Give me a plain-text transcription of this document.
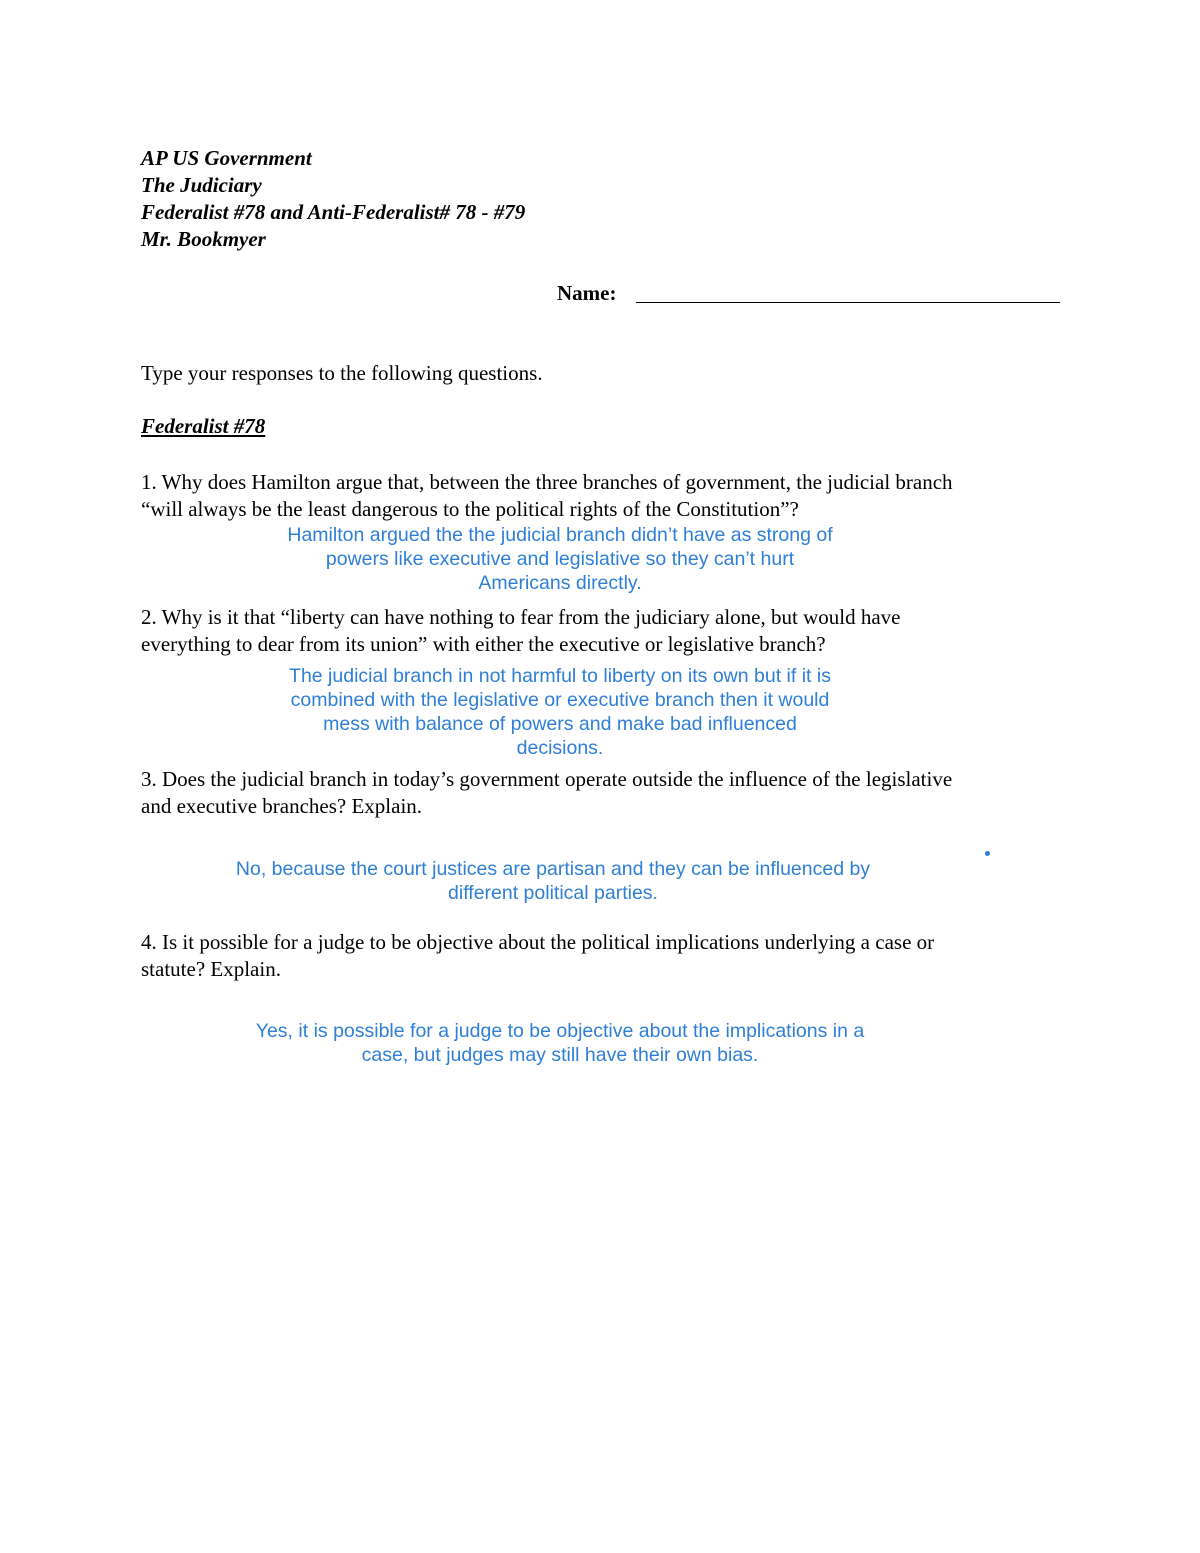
AP US Government
The Judiciary
Federalist #78 and Anti-Federalist# 78 - #79
Mr. Bookmyer
Name:
Type your responses to the following questions.
Federalist #78
1. Why does Hamilton argue that, between the three branches of government, the judicial branch
“will always be the least dangerous to the political rights of the Constitution”?
Hamilton argued the the judicial branch didn’t have as strong of
powers like executive and legislative so they can’t hurt
Americans directly.
2. Why is it that “liberty can have nothing to fear from the judiciary alone, but would have
everything to dear from its union” with either the executive or legislative branch?
The judicial branch in not harmful to liberty on its own but if it is
combined with the legislative or executive branch then it would
mess with balance of powers and make bad influenced
decisions.
3. Does the judicial branch in today’s government operate outside the influence of the legislative
and executive branches? Explain.
No, because the court justices are partisan and they can be influenced by
different political parties.
4. Is it possible for a judge to be objective about the political implications underlying a case or
statute? Explain.
Yes, it is possible for a judge to be objective about the implications in a
case, but judges may still have their own bias.
